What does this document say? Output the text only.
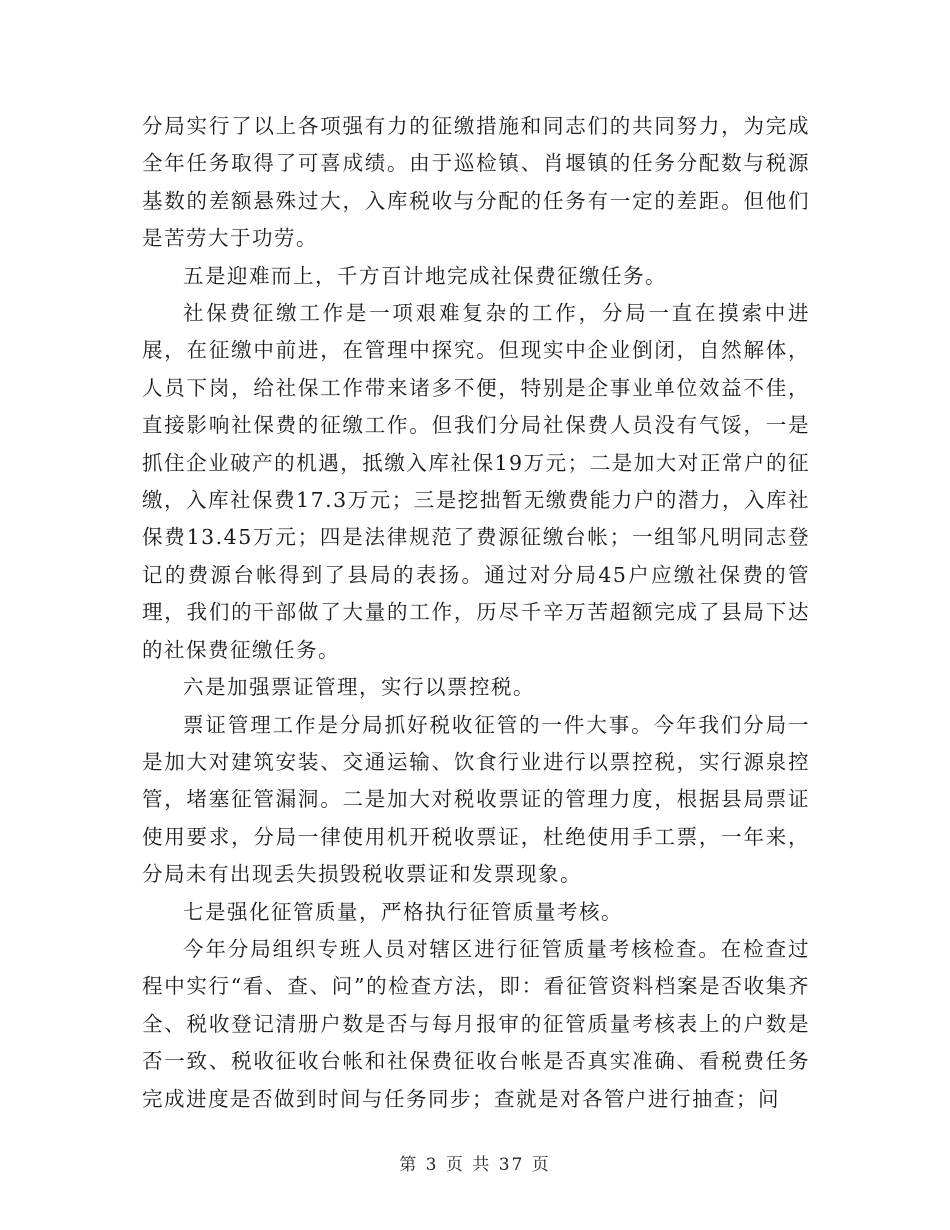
分局实行了以上各项强有力的征缴措施和同志们的共同努力，为完成全年任务取得了可喜成绩。由于巡检镇、肖堰镇的任务分配数与税源基数的差额悬殊过大，入库税收与分配的任务有一定的差距。但他们是苦劳大于功劳。

五是迎难而上，千方百计地完成社保费征缴任务。

社保费征缴工作是一项艰难复杂的工作，分局一直在摸索中进展，在征缴中前进，在管理中探究。但现实中企业倒闭，自然解体，人员下岗，给社保工作带来诸多不便，特别是企事业单位效益不佳，直接影响社保费的征缴工作。但我们分局社保费人员没有气馁，一是抓住企业破产的机遇，抵缴入库社保19万元；二是加大对正常户的征缴，入库社保费17.3万元；三是挖拙暂无缴费能力户的潜力，入库社保费13.45万元；四是法律规范了费源征缴台帐；一组邹凡明同志登记的费源台帐得到了县局的表扬。通过对分局45户应缴社保费的管理，我们的干部做了大量的工作，历尽千辛万苦超额完成了县局下达的社保费征缴任务。

六是加强票证管理，实行以票控税。

票证管理工作是分局抓好税收征管的一件大事。今年我们分局一是加大对建筑安装、交通运输、饮食行业进行以票控税，实行源泉控管，堵塞征管漏洞。二是加大对税收票证的管理力度，根据县局票证使用要求，分局一律使用机开税收票证，杜绝使用手工票，一年来，分局未有出现丢失损毁税收票证和发票现象。

七是强化征管质量，严格执行征管质量考核。

今年分局组织专班人员对辖区进行征管质量考核检查。在检查过程中实行“看、查、问”的检查方法，即：看征管资料档案是否收集齐全、税收登记清册户数是否与每月报审的征管质量考核表上的户数是否一致、税收征收台帐和社保费征收台帐是否真实准确、看税费任务完成进度是否做到时间与任务同步；查就是对各管户进行抽查；问

第 3 页 共 37 页
